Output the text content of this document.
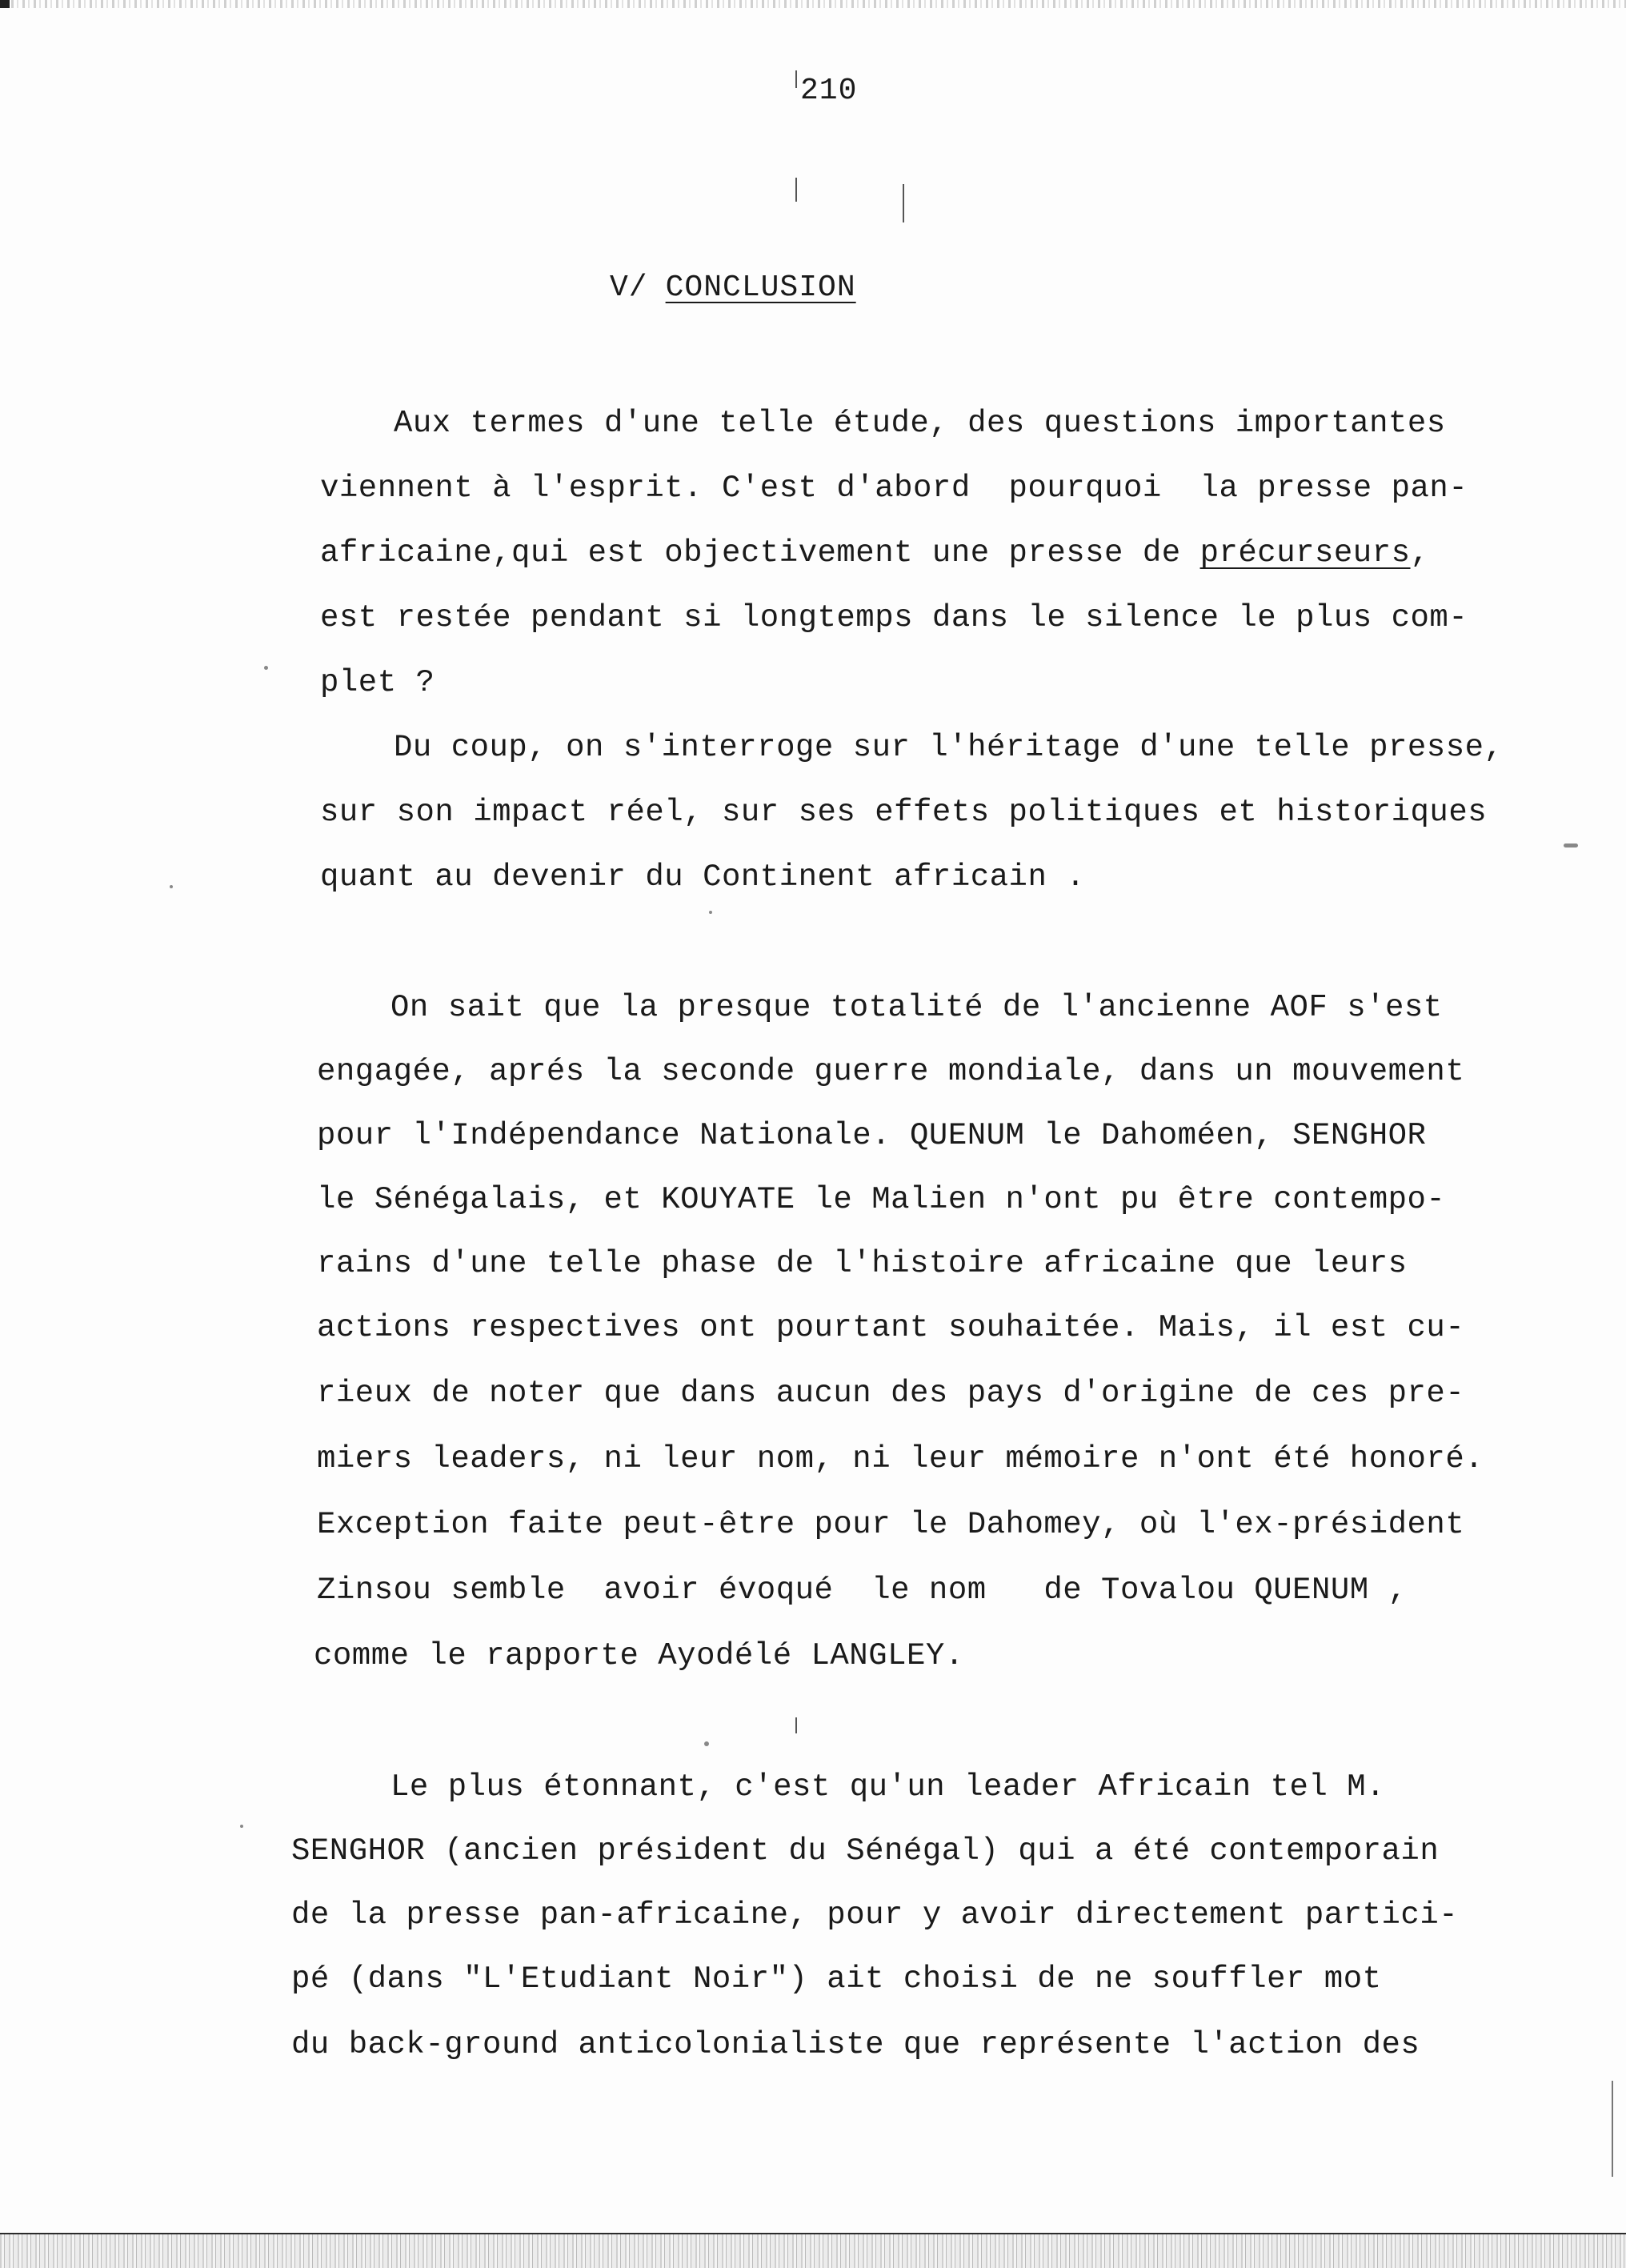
210
V/ CONCLUSION
Aux termes d'une telle étude, des questions importantes
viennent à l'esprit. C'est d'abord  pourquoi  la presse pan-
africaine,qui est objectivement une presse de précurseurs,
est restée pendant si longtemps dans le silence le plus com-
plet ?
Du coup, on s'interroge sur l'héritage d'une telle presse,
sur son impact réel, sur ses effets politiques et historiques
quant au devenir du Continent africain .
On sait que la presque totalité de l'ancienne AOF s'est
engagée, aprés la seconde guerre mondiale, dans un mouvement
pour l'Indépendance Nationale. QUENUM le Dahoméen, SENGHOR
le Sénégalais, et KOUYATE le Malien n'ont pu être contempo-
rains d'une telle phase de l'histoire africaine que leurs
actions respectives ont pourtant souhaitée. Mais, il est cu-
rieux de noter que dans aucun des pays d'origine de ces pre-
miers leaders, ni leur nom, ni leur mémoire n'ont été honoré.
Exception faite peut-être pour le Dahomey, où l'ex-président
Zinsou semble  avoir évoqué  le nom   de Tovalou QUENUM ,
comme le rapporte Ayodélé LANGLEY.
Le plus étonnant, c'est qu'un leader Africain tel M.
SENGHOR (ancien président du Sénégal) qui a été contemporain
de la presse pan-africaine, pour y avoir directement partici-
pé (dans "L'Etudiant Noir") ait choisi de ne souffler mot
du back-ground anticolonialiste que représente l'action des
